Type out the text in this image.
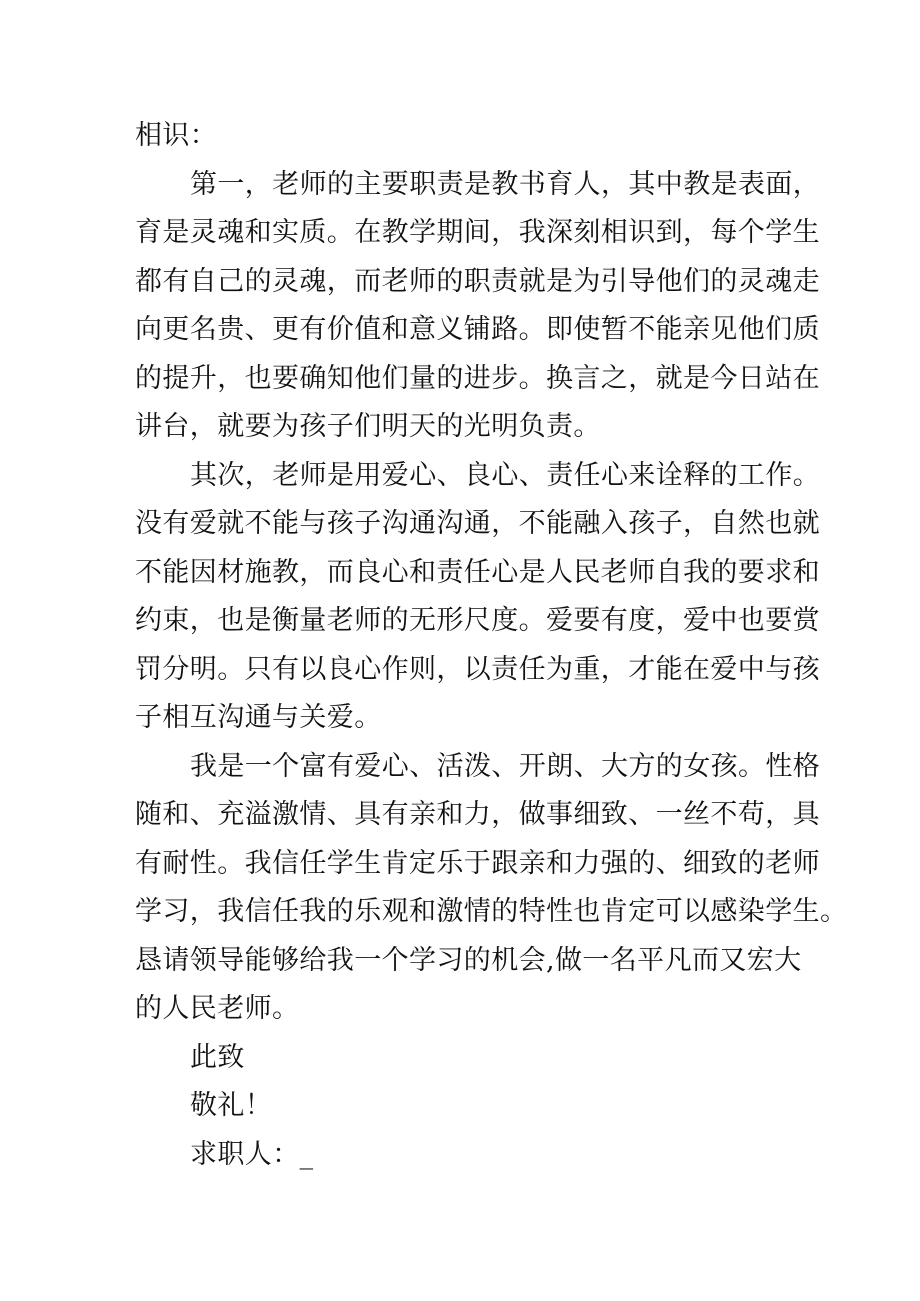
相识：
第一，老师的主要职责是教书育人，其中教是表面，
育是灵魂和实质。在教学期间，我深刻相识到，每个学生
都有自己的灵魂，而老师的职责就是为引导他们的灵魂走
向更名贵、更有价值和意义铺路。即使暂不能亲见他们质
的提升，也要确知他们量的进步。换言之，就是今日站在
讲台，就要为孩子们明天的光明负责。
其次，老师是用爱心、良心、责任心来诠释的工作。
没有爱就不能与孩子沟通沟通，不能融入孩子，自然也就
不能因材施教，而良心和责任心是人民老师自我的要求和
约束，也是衡量老师的无形尺度。爱要有度，爱中也要赏
罚分明。只有以良心作则，以责任为重，才能在爱中与孩
子相互沟通与关爱。
我是一个富有爱心、活泼、开朗、大方的女孩。性格
随和、充溢激情、具有亲和力，做事细致、一丝不苟，具
有耐性。我信任学生肯定乐于跟亲和力强的、细致的老师
学习，我信任我的乐观和激情的特性也肯定可以感染学生。
恳请领导能够给我一个学习的机会,做一名平凡而又宏大
的人民老师。
此致
敬礼！
求职人：_
